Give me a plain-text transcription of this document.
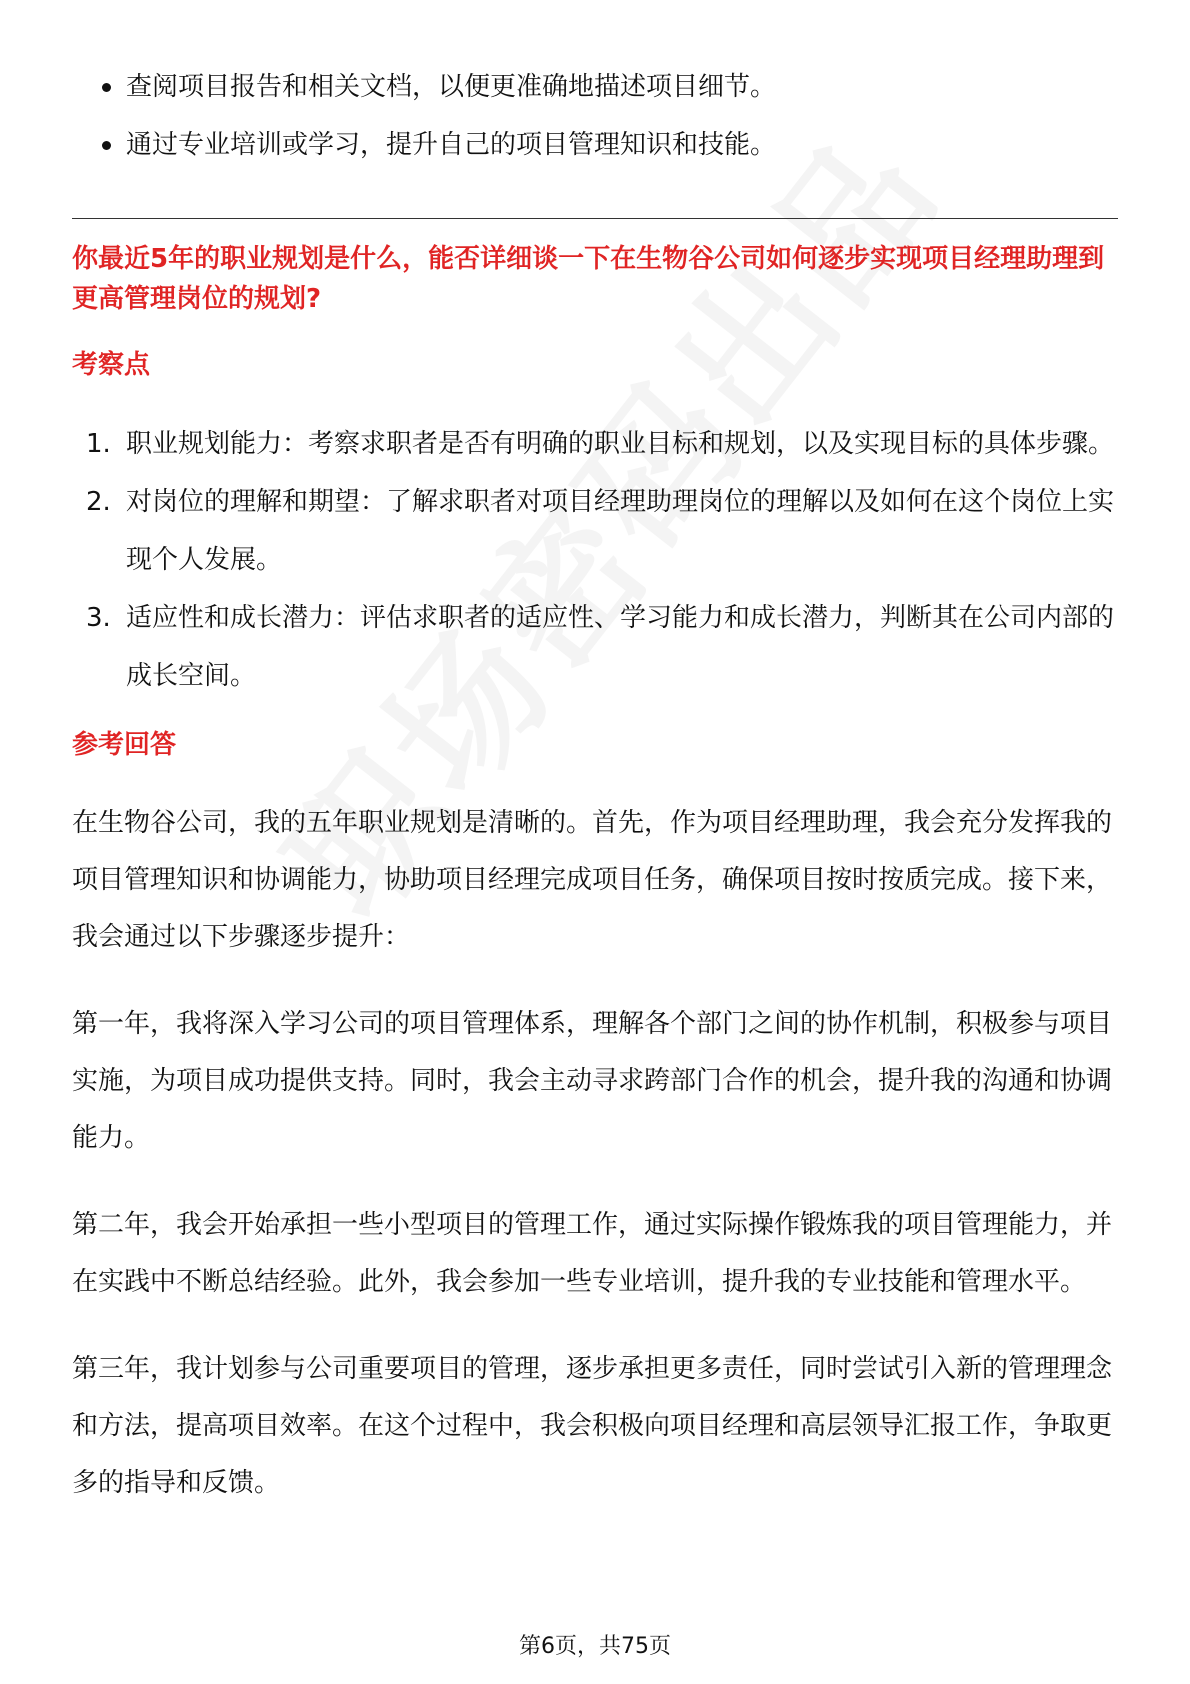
查阅项目报告和相关文档，以便更准确地描述项目细节。
通过专业培训或学习，提升自己的项目管理知识和技能。
你最近5年的职业规划是什么，能否详细谈一下在生物谷公司如何逐步实现项目经理助理到更高管理岗位的规划?
考察点
1. 职业规划能力：考察求职者是否有明确的职业目标和规划，以及实现目标的具体步骤。
2. 对岗位的理解和期望：了解求职者对项目经理助理岗位的理解以及如何在这个岗位上实现个人发展。
3. 适应性和成长潜力：评估求职者的适应性、学习能力和成长潜力，判断其在公司内部的成长空间。
参考回答

在生物谷公司，我的五年职业规划是清晰的。首先，作为项目经理助理，我会充分发挥我的项目管理知识和协调能力，协助项目经理完成项目任务，确保项目按时按质完成。接下来，我会通过以下步骤逐步提升：

第一年，我将深入学习公司的项目管理体系，理解各个部门之间的协作机制，积极参与项目实施，为项目成功提供支持。同时，我会主动寻求跨部门合作的机会，提升我的沟通和协调能力。

第二年，我会开始承担一些小型项目的管理工作，通过实际操作锻炼我的项目管理能力，并在实践中不断总结经验。此外，我会参加一些专业培训，提升我的专业技能和管理水平。

第三年，我计划参与公司重要项目的管理，逐步承担更多责任，同时尝试引入新的管理理念和方法，提高项目效率。在这个过程中，我会积极向项目经理和高层领导汇报工作，争取更多的指导和反馈。

第6页，共75页
